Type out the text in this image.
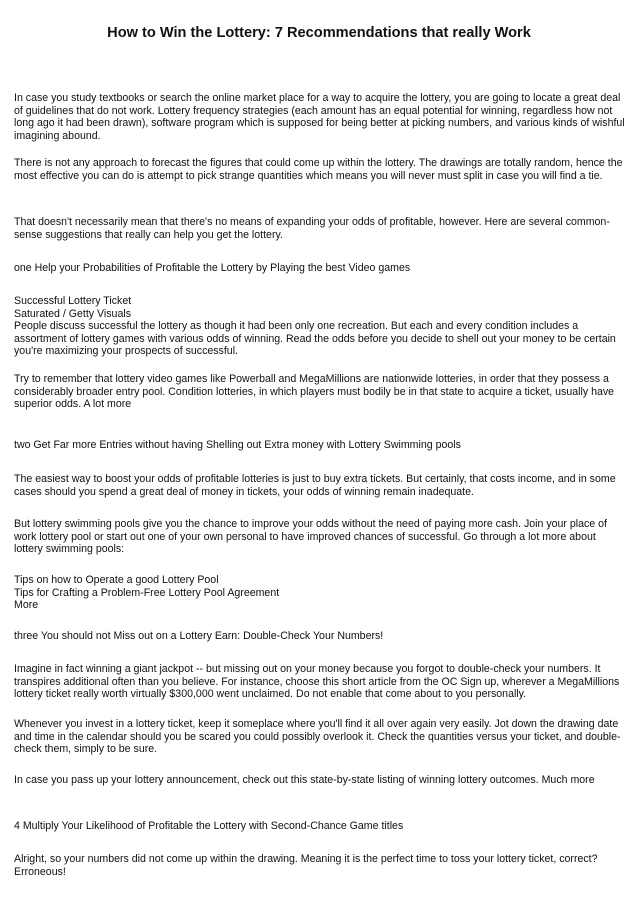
How to Win the Lottery: 7 Recommendations that really Work

In case you study textbooks or search the online market place for a way to acquire the lottery, you are going to locate a great deal of guidelines that do not work. Lottery frequency strategies (each amount has an equal potential for winning, regardless how not long ago it had been drawn), software program which is supposed for being better at picking numbers, and various kinds of wishful imagining abound.

There is not any approach to forecast the figures that could come up within the lottery. The drawings are totally random, hence the most effective you can do is attempt to pick strange quantities which means you will never must split in case you will find a tie.

That doesn't necessarily mean that there's no means of expanding your odds of profitable, however. Here are several common-sense suggestions that really can help you get the lottery.

one Help your Probabilities of Profitable the Lottery by Playing the best Video games

Successful Lottery Ticket
Saturated / Getty Visuals

People discuss successful the lottery as though it had been only one recreation. But each and every condition includes a assortment of lottery games with various odds of winning. Read the odds before you decide to shell out your money to be certain you're maximizing your prospects of successful.

Try to remember that lottery video games like Powerball and MegaMillions are nationwide lotteries, in order that they possess a considerably broader entry pool. Condition lotteries, in which players must bodily be in that state to acquire a ticket, usually have superior odds. A lot more

two Get Far more Entries without having Shelling out Extra money with Lottery Swimming pools

The easiest way to boost your odds of profitable lotteries is just to buy extra tickets. But certainly, that costs income, and in some cases should you spend a great deal of money in tickets, your odds of winning remain inadequate.

But lottery swimming pools give you the chance to improve your odds without the need of paying more cash. Join your place of work lottery pool or start out one of your own personal to have improved chances of successful. Go through a lot more about lottery swimming pools:

Tips on how to Operate a good Lottery Pool
Tips for Crafting a Problem-Free Lottery Pool Agreement
More

three You should not Miss out on a Lottery Earn: Double-Check Your Numbers!

Imagine in fact winning a giant jackpot -- but missing out on your money because you forgot to double-check your numbers. It transpires additional often than you believe. For instance, choose this short article from the OC Sign up, wherever a MegaMillions lottery ticket really worth virtually $300,000 went unclaimed. Do not enable that come about to you personally.

Whenever you invest in a lottery ticket, keep it someplace where you'll find it all over again very easily. Jot down the drawing date and time in the calendar should you be scared you could possibly overlook it. Check the quantities versus your ticket, and double-check them, simply to be sure.

In case you pass up your lottery announcement, check out this state-by-state listing of winning lottery outcomes. Much more

4 Multiply Your Likelihood of Profitable the Lottery with Second-Chance Game titles

Alright, so your numbers did not come up within the drawing. Meaning it is the perfect time to toss your lottery ticket, correct? Erroneous!
